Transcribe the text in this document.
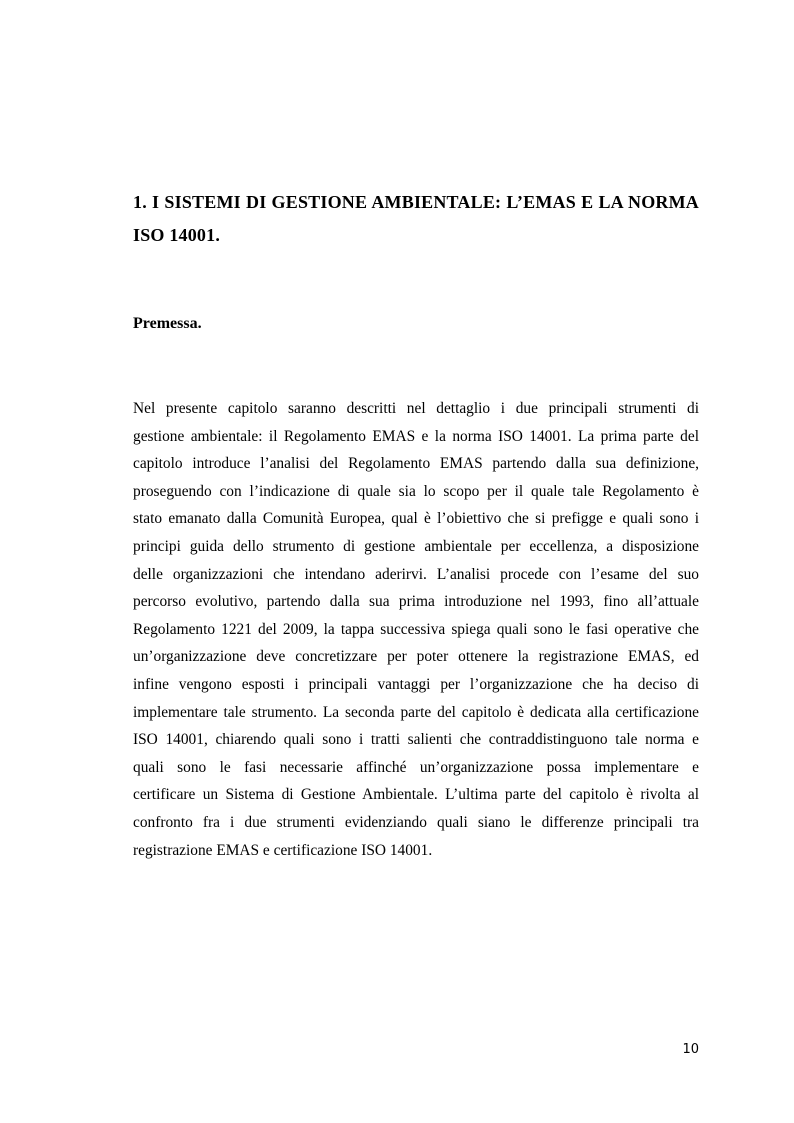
1. I SISTEMI DI GESTIONE AMBIENTALE: L’EMAS E LA NORMA ISO 14001.
Premessa.
Nel presente capitolo saranno descritti nel dettaglio i due principali strumenti di
gestione ambientale: il Regolamento EMAS e la norma ISO 14001. La prima parte del
capitolo introduce l’analisi del Regolamento EMAS partendo dalla sua definizione,
proseguendo con l’indicazione di quale sia lo scopo per il quale tale Regolamento è
stato emanato dalla Comunità Europea, qual è l’obiettivo che si prefigge e quali sono i
principi guida dello strumento di gestione ambientale per eccellenza, a disposizione
delle organizzazioni che intendano aderirvi. L’analisi procede con l’esame del suo
percorso evolutivo, partendo dalla sua prima introduzione nel 1993, fino all’attuale
Regolamento 1221 del 2009, la tappa successiva spiega quali sono le fasi operative che
un’organizzazione deve concretizzare per poter ottenere la registrazione EMAS, ed
infine vengono esposti i principali vantaggi per l’organizzazione che ha deciso di
implementare tale strumento. La seconda parte del capitolo è dedicata alla certificazione
ISO 14001, chiarendo quali sono i tratti salienti che contraddistinguono tale norma e
quali sono le fasi necessarie affinché un’organizzazione possa implementare e
certificare un Sistema di Gestione Ambientale. L’ultima parte del capitolo è rivolta al
confronto fra i due strumenti evidenziando quali siano le differenze principali tra
registrazione EMAS e certificazione ISO 14001.
10
